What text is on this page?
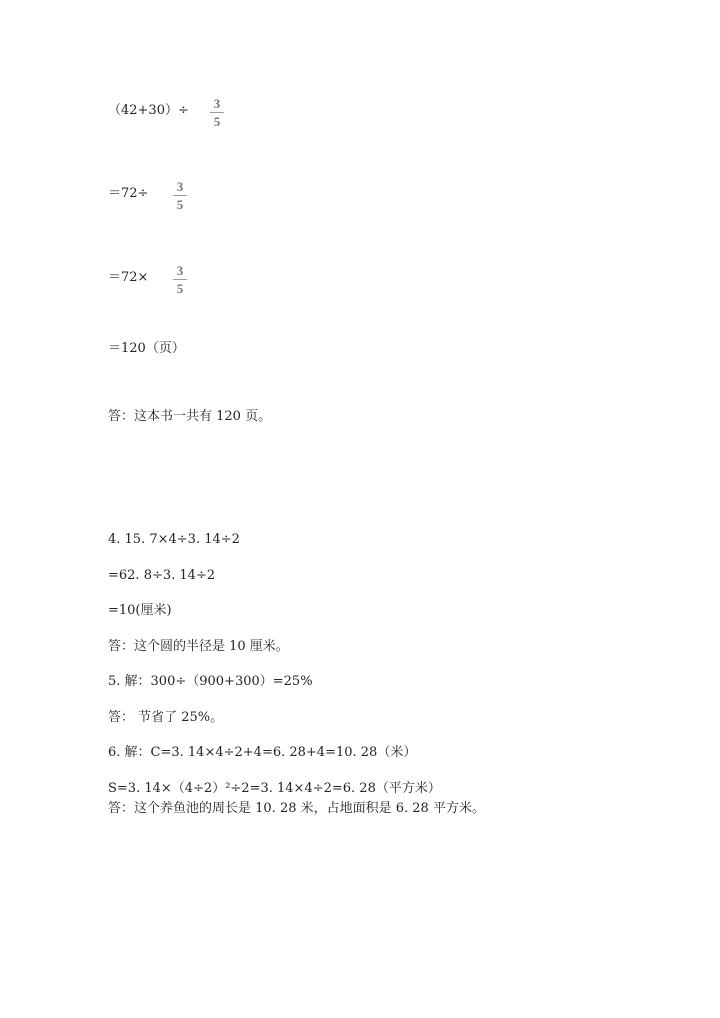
（42+30）÷ 3
5
＝72÷ 3
5
＝72× 3
5
＝120（页）
答：这本书一共有 120 页。
4. 15. 7×4÷3. 14÷2
=62. 8÷3. 14÷2
=10(厘米)
答：这个圆的半径是 10 厘米。
5. 解：300÷（900+300）=25%
答： 节省了 25%。
6. 解：C=3. 14×4÷2+4=6. 28+4=10. 28（米）
S=3. 14×（4÷2）²÷2=3. 14×4÷2=6. 28（平方米）
答：这个养鱼池的周长是 10. 28 米，占地面积是 6. 28 平方米。
